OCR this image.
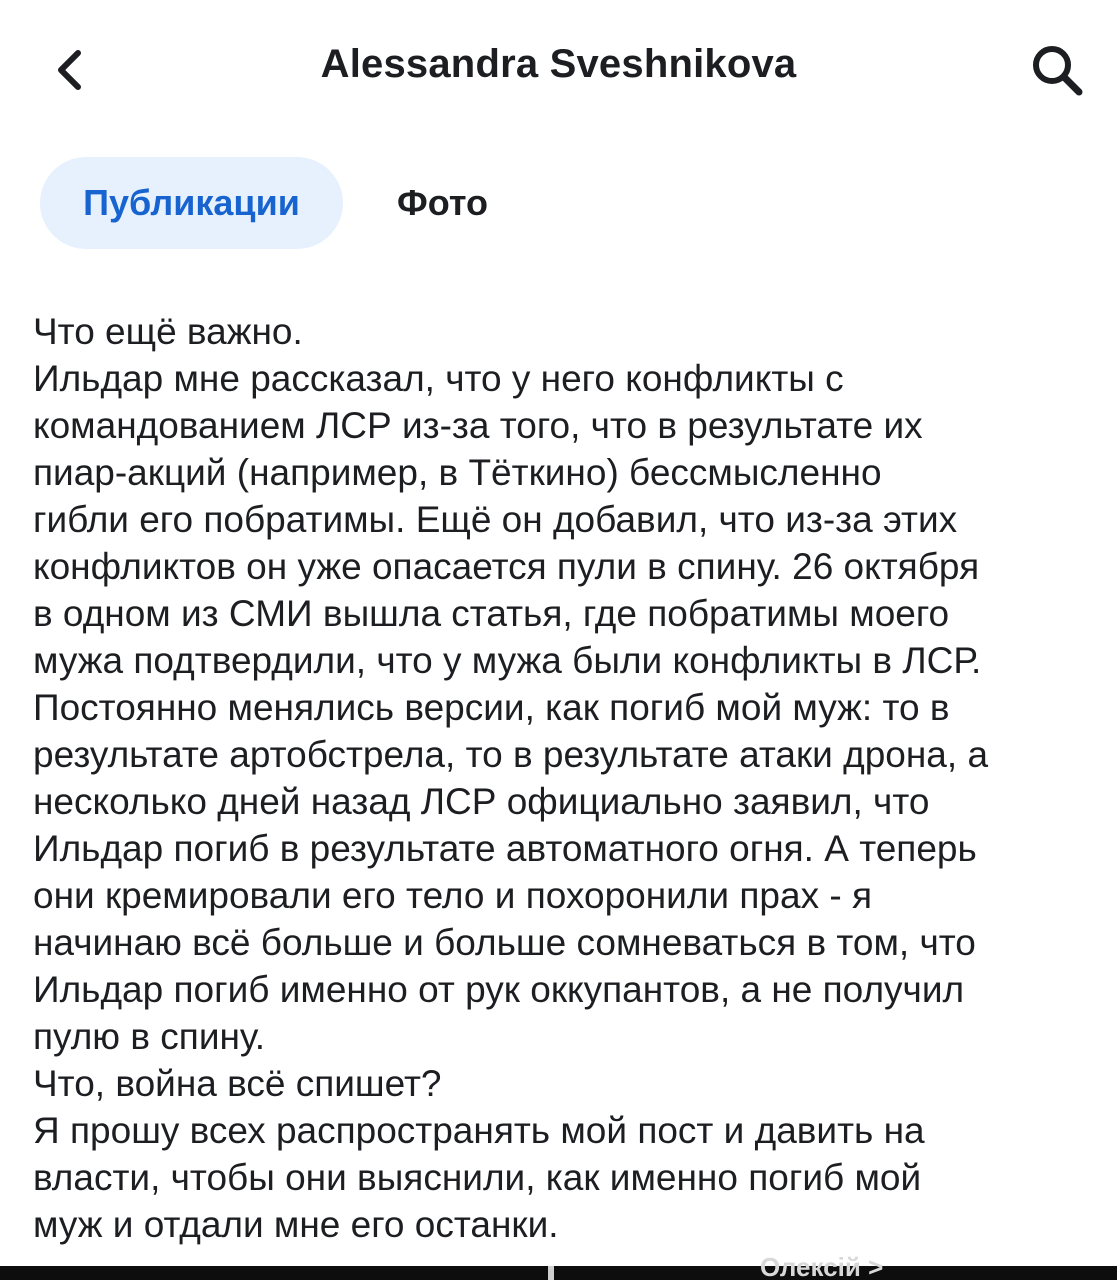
Alessandra Sveshnikova
Публикации	Фото
Что ещё важно.
Ильдар мне рассказал, что у него конфликты с
командованием ЛСР из-за того, что в результате их
пиар-акций (например, в Тёткино) бессмысленно
гибли его побратимы. Ещё он добавил, что из-за этих
конфликтов он уже опасается пули в спину. 26 октября
в одном из СМИ вышла статья, где побратимы моего
мужа подтвердили, что у мужа были конфликты в ЛСР.
Постоянно менялись версии, как погиб мой муж: то в
результате артобстрела, то в результате атаки дрона, а
несколько дней назад ЛСР официально заявил, что
Ильдар погиб в результате автоматного огня. А теперь
они кремировали его тело и похоронили прах - я
начинаю всё больше и больше сомневаться в том, что
Ильдар погиб именно от рук оккупантов, а не получил
пулю в спину.
Что, война всё спишет?
Я прошу всех распространять мой пост и давить на
власти, чтобы они выяснили, как именно погиб мой
муж и отдали мне его останки.
Олексій >
